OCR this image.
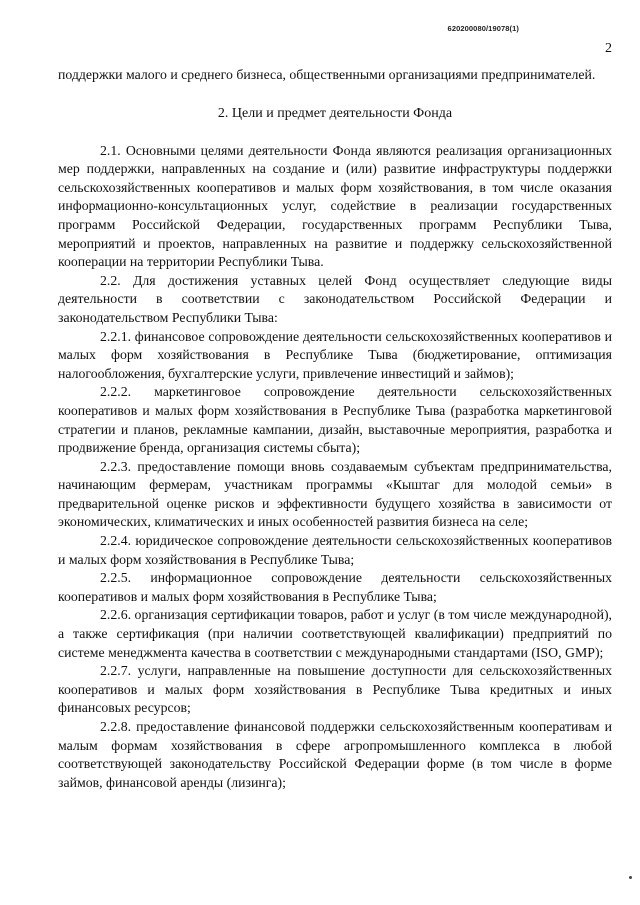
620200080/19078(1)
2

поддержки малого и среднего бизнеса, общественными организациями предпринимателей.

2. Цели и предмет деятельности Фонда

2.1. Основными целями деятельности Фонда являются реализация организационных мер поддержки, направленных на создание и (или) развитие инфраструктуры поддержки сельскохозяйственных кооперативов и малых форм хозяйствования, в том числе оказания информационно-консультационных услуг, содействие в реализации государственных программ Российской Федерации, государственных программ Республики Тыва, мероприятий и проектов, направленных на развитие и поддержку сельскохозяйственной кооперации на территории Республики Тыва.

2.2. Для достижения уставных целей Фонд осуществляет следующие виды деятельности в соответствии с законодательством Российской Федерации и законодательством Республики Тыва:

2.2.1. финансовое сопровождение деятельности сельскохозяйственных кооперативов и малых форм хозяйствования в Республике Тыва (бюджетирование, оптимизация налогообложения, бухгалтерские услуги, привлечение инвестиций и займов);

2.2.2. маркетинговое сопровождение деятельности сельскохозяйственных кооперативов и малых форм хозяйствования в Республике Тыва (разработка маркетинговой стратегии и планов, рекламные кампании, дизайн, выставочные мероприятия, разработка и продвижение бренда, организация системы сбыта);

2.2.3. предоставление помощи вновь создаваемым субъектам предпринимательства, начинающим фермерам, участникам программы «Кыштаг для молодой семьи» в предварительной оценке рисков и эффективности будущего хозяйства в зависимости от экономических, климатических и иных особенностей развития бизнеса на селе;

2.2.4. юридическое сопровождение деятельности сельскохозяйственных кооперативов и малых форм хозяйствования в Республике Тыва;

2.2.5. информационное сопровождение деятельности сельскохозяйственных кооперативов и малых форм хозяйствования в Республике Тыва;

2.2.6. организация сертификации товаров, работ и услуг (в том числе международной), а также сертификация (при наличии соответствующей квалификации) предприятий по системе менеджмента качества в соответствии с международными стандартами (ISO, GMP);

2.2.7. услуги, направленные на повышение доступности для сельскохозяйственных кооперативов и малых форм хозяйствования в Республике Тыва кредитных и иных финансовых ресурсов;

2.2.8. предоставление финансовой поддержки сельскохозяйственным кооперативам и малым формам хозяйствования в сфере агропромышленного комплекса в любой соответствующей законодательству Российской Федерации форме (в том числе в форме займов, финансовой аренды (лизинга);
